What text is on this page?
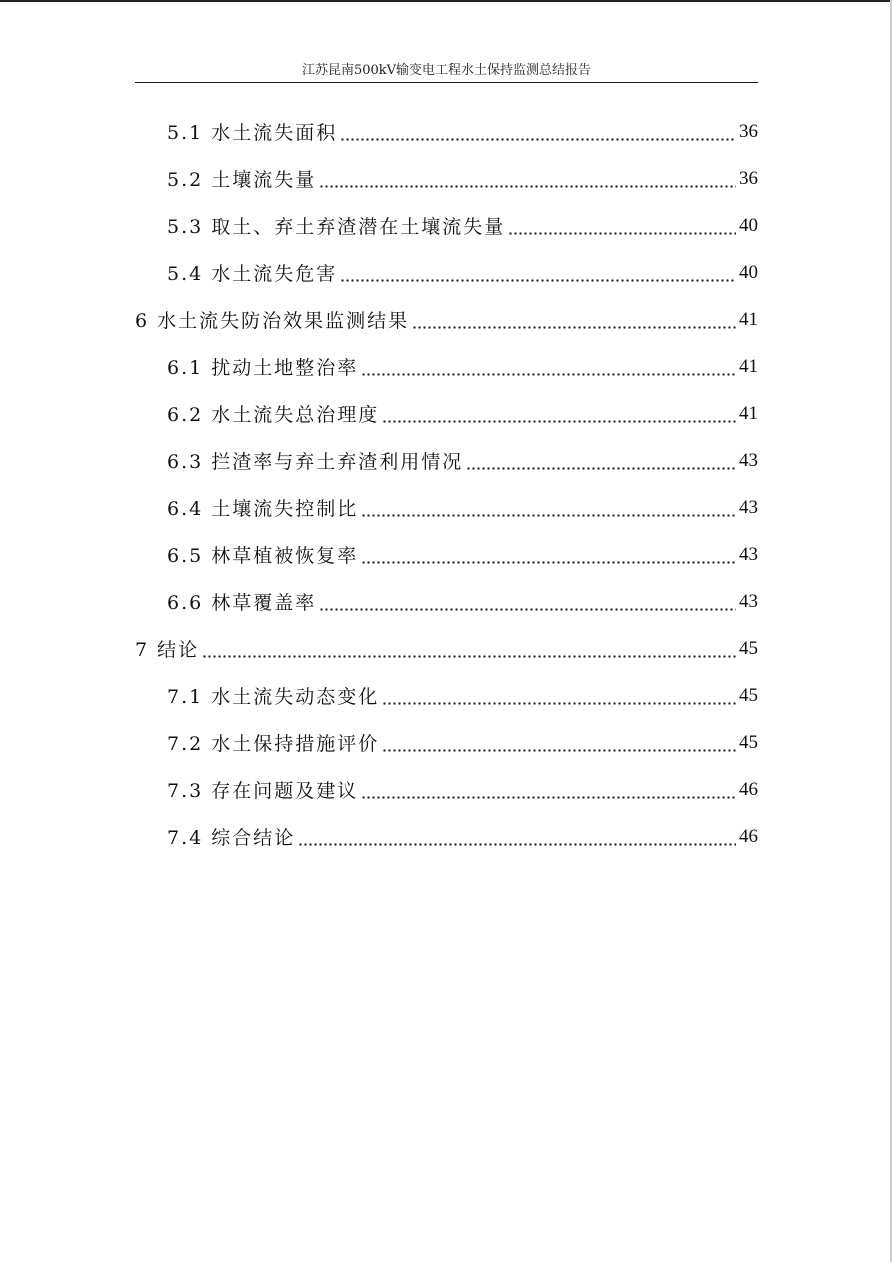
江苏昆南500kV输变电工程水土保持监测总结报告
5.1 水土流失面积	36
5.2 土壤流失量	36
5.3 取土、弃土弃渣潜在土壤流失量	40
5.4 水土流失危害	40
6 水土流失防治效果监测结果	41
6.1 扰动土地整治率	41
6.2 水土流失总治理度	41
6.3 拦渣率与弃土弃渣利用情况	43
6.4 土壤流失控制比	43
6.5 林草植被恢复率	43
6.6 林草覆盖率	43
7 结论	45
7.1 水土流失动态变化	45
7.2 水土保持措施评价	45
7.3 存在问题及建议	46
7.4 综合结论	46
